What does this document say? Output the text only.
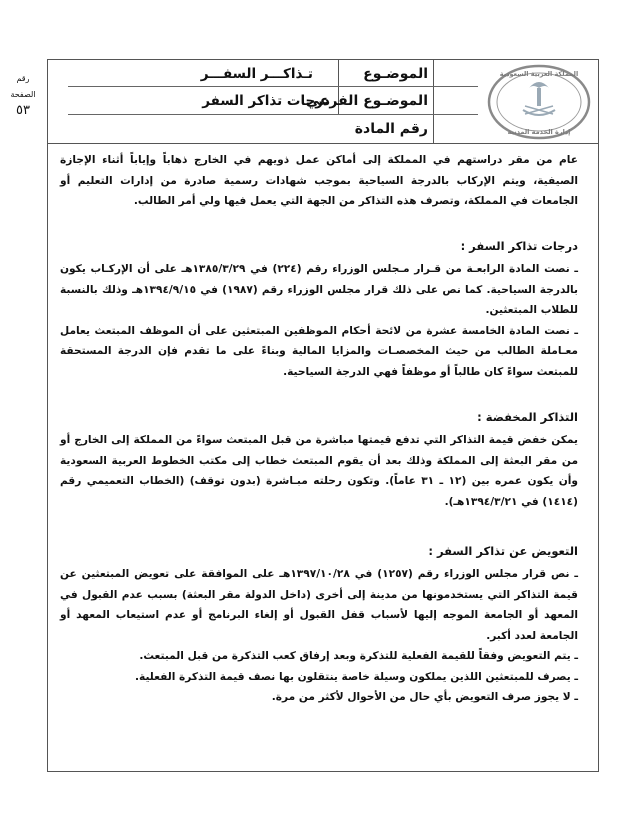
رقم
الصفحة
٥٣
الموضـوع
تـذاكـــر السفـــر
الموضـوع الفرعي
درجات تذاكر السفر
رقم المادة
المملكة العربية السعودية
إدارة الخدمة المدنية

عام من مقر دراستهم في المملكة إلى أماكن عمل ذويهم في الخارج ذهاباً وإياباً أثناء الإجازة الصيفية، ويتم الإركاب بالدرجة السياحية بموجب شهادات رسمية صادرة من إدارات التعليم أو الجامعات في المملكة، وتصرف هذه التذاكر من الجهة التي يعمل فيها ولي أمر الطالب.

درجات تذاكر السفر :

ـ نصت المادة الرابعـة من قـرار مـجلس الوزراء رقم (٢٢٤) في ١٣٨٥/٣/٢٩هـ على أن الإركـاب يكون بالدرجة السياحية. كما نص على ذلك قرار مجلس الوزراء رقم (١٩٨٧) في ١٣٩٤/٩/١٥هـ وذلك بالنسبة للطلاب المبتعثين.

ـ نصت المادة الخامسة عشرة من لائحة أحكام الموظفين المبتعثين على أن الموظف المبتعث يعامل معـاملة الطالب من حيث المخصصـات والمزايا المالية وبناءً على ما تقدم فإن الدرجة المستحقة للمبتعث سواءً كان طالباً أو موظفاً فهي الدرجة السياحية.

التذاكر المخفضة :

يمكن خفض قيمة التذاكر التي تدفع قيمتها مباشرة من قبل المبتعث سواءً من المملكة إلى الخارج أو من مقر البعثة إلى المملكة وذلك بعد أن يقوم المبتعث خطاب إلى مكتب الخطوط العربية السعودية وأن يكون عمره بين (١٢ ـ ٣١ عاماً). وتكون رحلته مبـاشرة (بدون توقف) (الخطاب التعميمي رقم (١٤١٤) في ١٣٩٤/٣/٢١هـ).

التعويض عن تذاكر السفر :

ـ نص قرار مجلس الوزراء رقم (١٢٥٧) في ١٣٩٧/١٠/٢٨هـ على الموافقة على تعويض المبتعثين عن قيمة التذاكر التي يستخدمونها من مدينة إلى أخرى (داخل الدولة مقر البعثة) بسبب عدم القبول في المعهد أو الجامعة الموجه إليها لأسباب قفل القبول أو إلغاء البرنامج أو عدم استيعاب المعهد أو الجامعة لعدد أكبر.

ـ يتم التعويض وفقاً للقيمة الفعلية للتذكرة وبعد إرفاق كعب التذكرة من قبل المبتعث.

ـ يصرف للمبتعثين اللذين يملكون وسيلة خاصة ينتقلون بها نصف قيمة التذكرة الفعلية.

ـ لا يجوز صرف التعويض بأي حال من الأحوال لأكثر من مرة.
